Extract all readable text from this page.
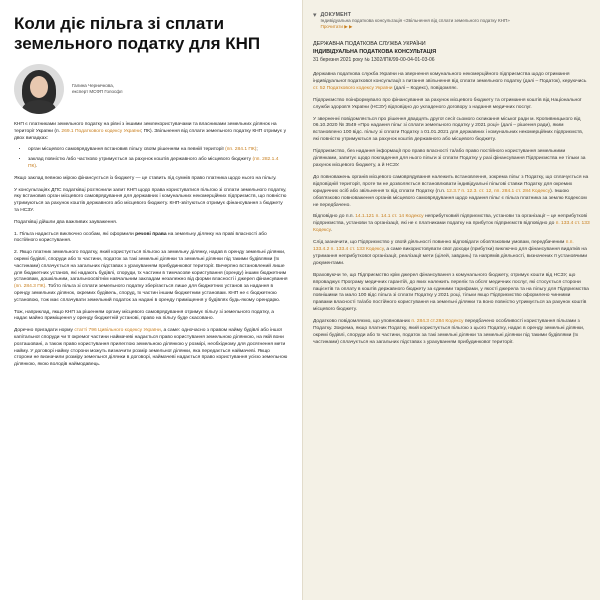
Коли діє пільга зі сплати земельного податку для КНП
Галина Черничкова,
експерт МСФП Голосфл

КНП є платниками земельного податку на рівні з іншими землекористувачами та власниками земельних ділянок на території України (п. 269.1 Податкового кодексу України; ПК). Звільнення від сплати земельного податку КНП отримує у двох випадках:

• орган місцевого самоврядування встановив пільгу своїм рішенням на певній території (пп. 284.1 ПК);
• заклад повністю /або частково утримується за рахунок коштів державного або місцевого бюджету (пп. 282.1.4 ПК).

Якщо заклад певною мірою фінансується із бюджету — це ставить під сумнів право платника щодо нього на пільгу.

У консультаціях ДПС податківці роз'яснили запит КНП щодо права користуватися пільгою зі сплати земельного податку, яку встановив орган місцевого самоврядування для державних і комунальних некомерційних підприємств, що повністю утримуються за рахунок коштів державного або місцевого бюджету. КНП-звітуються отримує фінансування з бюджету та НСЗУ.

Податківці дійшли два важливих зауваження.

1. Пільга надається виключно особам, які оформили речові права на земельну ділянку на праві власності або постійного користування.

2. Якщо платник земельного податку, який користується пільгою за земельну ділянку, надав в оренду земельні ділянки, окремі будівлі, споруди або їх частини, податок за такі земельні ділянки та земельні ділянки під такими будівлями (їх частинами) сплачується на загальних підставах з урахуванням прибудинкової території. Вичерпно встановлений лише для бюджетних установ, які надають будівлі, споруди, їх частини в тимчасове користування (оренду) іншим бюджетним установам, дошкільним, загальноосвітнім навчальним закладам незалежно від форми власності і джерел фінансування (пп. 284.3 ПК). Тобто пільга зі сплати земельного податку зберігається лише для бюджетних установ за надання в оренду земельних ділянок, окремих будівель, споруд, їх частин іншим бюджетним установам. КНП не є бюджетною установою, тож має сплачувати земельний податок за надані в оренду приміщення у будівлях будь-якому орендарю.

Тож, наприклад, якщо КНП за рішенням органу місцевого самоврядування отримує пільгу зі земельного податку, а надає майно приміщення у оренду бюджетній установі, право на пільгу буде скасовано.

Доречно пригадати норму статті 796 Цивільного кодексу України, а саме: одночасно з правом найму будівлі або іншої капітальної споруди чи її окремої частини наймачеві надається право користування земельною ділянкою, на якій вони розташовані, а також право користування прилеглою земельною ділянкою у розмірі, необхідному для досягнення мети найму. У договорі найму сторони можуть визначити розмір земельної ділянки, яка передається наймачеві. Якщо сторони не визначили розміру земельної ділянки в договорі, наймачеві надається право користування усією земельною ділянкою, якою володів наймодавець.

▾ ДОКУМЕНТ
Індивідуальна податкова консультація «Звільнення від сплати земельного податку КНП»
Прочитати ▶ ▶

ДЕРЖАВНА ПОДАТКОВА СЛУЖБА УКРАЇНИ

ІНДИВІДУАЛЬНА ПОДАТКОВА КОНСУЛЬТАЦІЯ

31 березня 2021 року № 1302/ІПК/99-00-04-01-03-06

Державна податкова служба України на звернення комунального некомерційного підприємства щодо отримання індивідуальної податкової консультації з питання звільнення від сплати земельного податку (далі – Податок), керуючись ст. 52 Податкового кодексу України (далі – Кодекс), повідомляє.

Підприємство поінформувало про фінансування за рахунок місцевого бюджету та отримання коштів від Національної служби здоров'я України (НСЗУ) відповідно до укладеного договору з надання медичних послуг.

У зверненні повідомляється про рішення двадцять другої сесії сьомого скликання міської ради м. Кропивницького від 06.10.2020 № 3549 «Про надання пільг зі сплати земельного податку у 2021 році» (далі – рішення ради), яким встановлено 100 відс. пільгу зі сплати Податку з 01.01.2021 для державних і комунальних некомерційних підприємств, які повністю утримуються за рахунок коштів державного або місцевого бюджету.

Підприємство, без надання інформації про право власності та/або право постійного користування земельними ділянками, запитує щодо покладення для нього пільги зі сплати Податку у разі фінансування Підприємства не тільки за рахунок місцевого бюджету, а й НСЗУ.

До повноважень органів місцевого самоврядування належить встановлення, зокрема пільг з Податку, що сплачується на відповідній території, проте їм не дозволяється встановлювати індивідуальні пільгові ставки Податку для окремих юридичних осіб або звільнення їх від сплати Податку (п.п. 12.3.7 п. 12.3. ст. 12, пп. 284.1 ст. 284 Кодексу). Іншою обов'язково повноваження органів місцевого самоврядування щодо надання пільг є пільга платника за землю Кодексом не передбачено.

Відповідно до п.п. 14.1.121 п. 14.1 ст. 14 Кодексу неприбутковий підприємства, установи та організації – це неприбуткові підприємства, установи та організації, які не є платниками податку на прибуток підприємств відповідно до п. 133.4 ст. 133 Кодексу.

Слід зазначити, що Підприємство у своїй діяльності повинно відповідати обов'язковим умовам, передбаченим п.п. 133.4.2 п. 133.4 ст. 133 Кодексу, а саме використовувати свої доходи (прибутки) виключно для фінансування видатків на утримання неприбуткової організації, реалізації мети (цілей, завдань) та напрямів діяльності, визначених її установчими документами.

Враховуючи те, що Підприємство крім джерел фінансування з комунального бюджету, отримує кошти від НСЗУ, що впроваджує Програму медичних гарантій, до яких належить перелік та обсяг медичних послуг, які стосується сторони пацієнтів та оплату в коштів державного бюджету за єдиними тарифами, у якості джерела та на пільгу для Підприємства повнішими та мало 100 відс пільга зі сплати Податку у 2021 році, тільки якщо Підприємство оформлено чинними правами власності та/або постійного користування на земельні ділянки та воно повністю утримується за рахунок коштів місцевого бюджету.

Додатково повідомляємо, що уповнованих п. 284.3 ст.284 Кодексу передбачено особливості користування пільгами з Податку. Зокрема, якщо платник Податку, який користується пільгою з цього Податку, надає в оренду земельні ділянки, окремі будівлі, споруди або їх частини, податок за такі земельні ділянки та земельні ділянки під такими будівлями (їх частинами) сплачується на загальних підставах з урахуванням прибудинкової території.
